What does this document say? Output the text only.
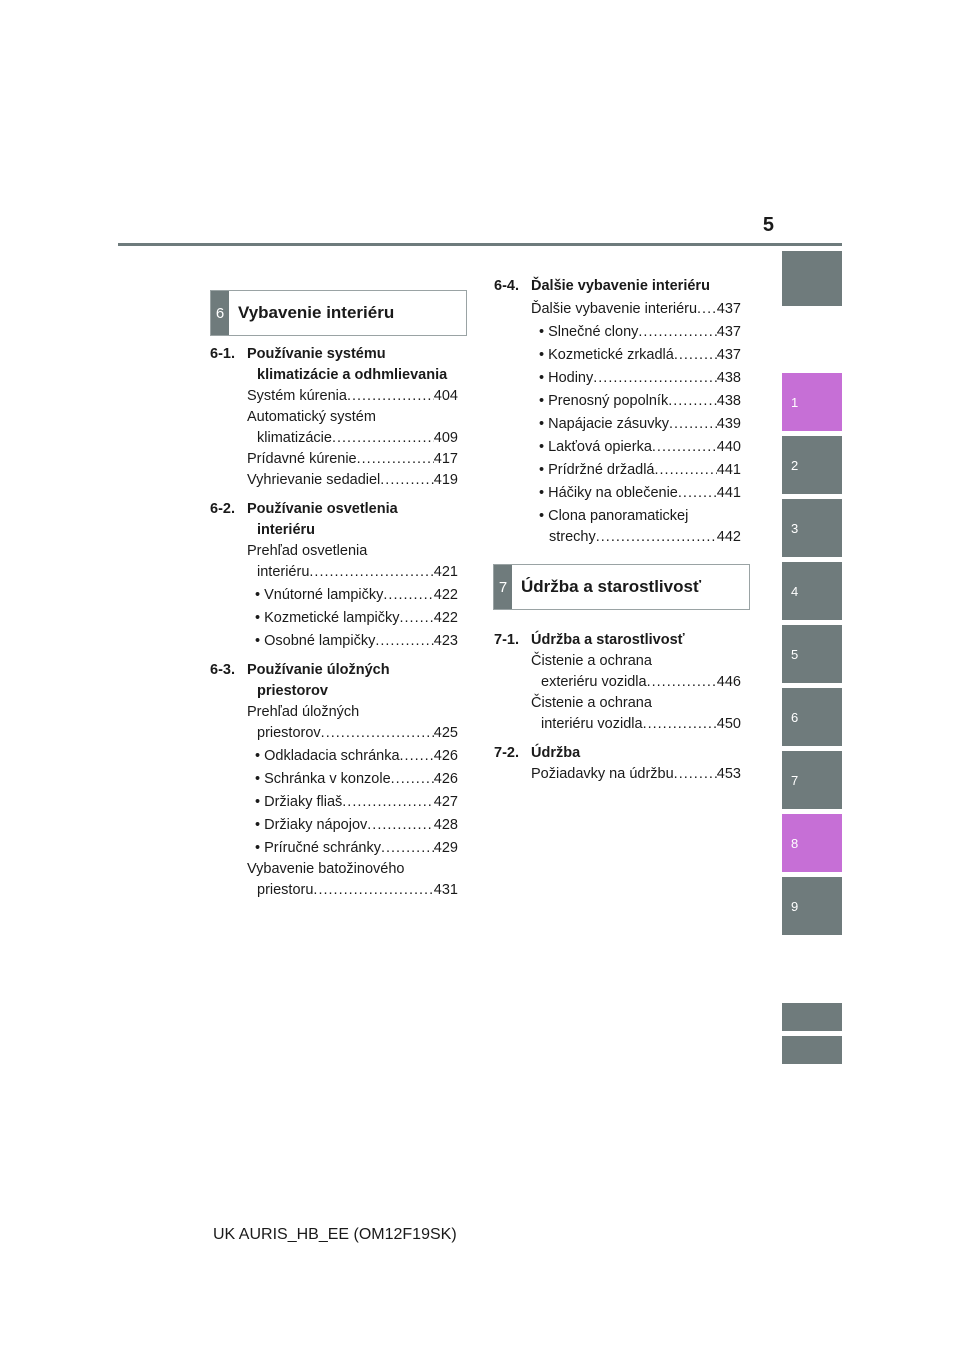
5
1
2
3
4
5
6
7
8
9
6 Vybavenie interiéru
7 Údržba a starostlivosť
6-1. Používanie systému
klimatizácie a odhmlievania
Systém kúrenia .....	404
Automatický systém
klimatizácie .....	409
Prídavné kúrenie .....	417
Vyhrievanie sedadiel .....	419
6-2. Používanie osvetlenia
interiéru
Prehľad osvetlenia
interiéru .....	421
• Vnútorné lampičky .....	422
• Kozmetické lampičky ..... 422
• Osobné lampičky .....	423
6-3. Používanie úložných
priestorov
Prehľad úložných
priestorov .....	425
• Odkladacia schránka ..... 426
• Schránka v konzole .....	426
• Držiaky fliaš .....	427
• Držiaky nápojov .....	428
• Príručné schránky .....	429
Vybavenie batožinového
priestoru .....	431
6-4. Ďalšie vybavenie interiéru
Ďalšie vybavenie interiéru ..... 437
• Slnečné clony .....	437
• Kozmetické zrkadlá .....	437
• Hodiny .....	438
• Prenosný popolník .....	438
• Napájacie zásuvky .....	439
• Lakťová opierka .....	440
• Prídržné držadlá .....	441
• Háčiky na oblečenie .....	441
• Clona panoramatickej
strechy .....	442
7-1. Údržba a starostlivosť
Čistenie a ochrana
exteriéru vozidla .....	446
Čistenie a ochrana
interiéru vozidla .....	450
7-2. Údržba
Požiadavky na údržbu .....	453
UK AURIS_HB_EE (OM12F19SK)
